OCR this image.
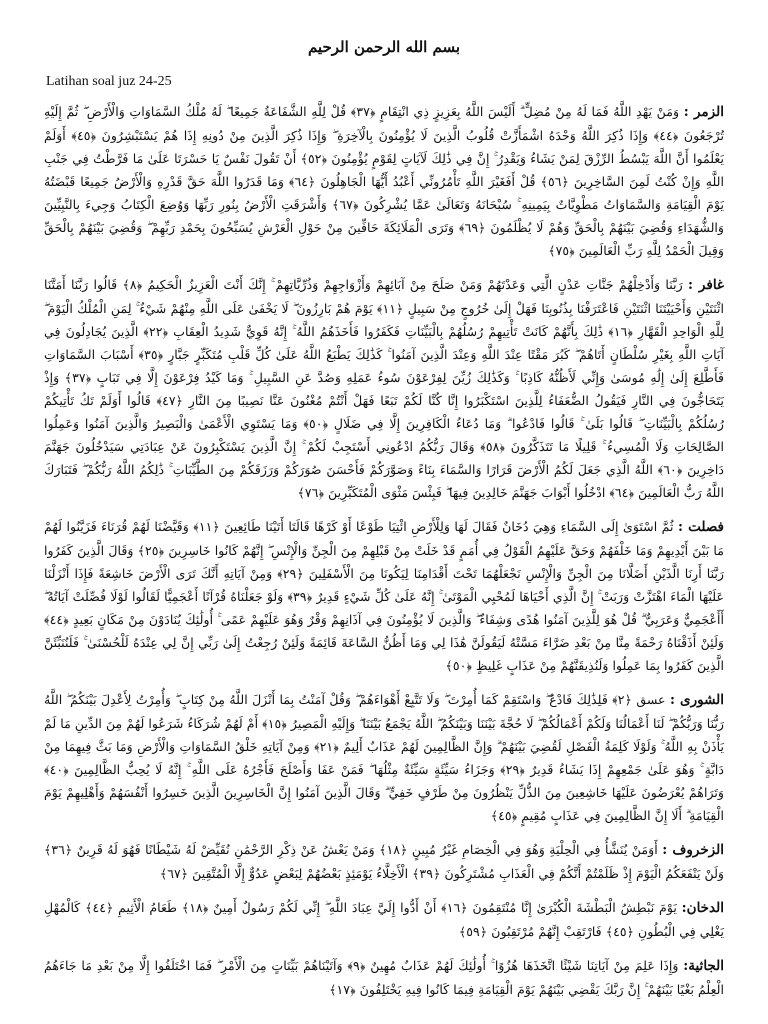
بسم الله الرحمن الرحيم
Latihan soal juz 24-25
الزمر : وَمَنْ يَهْدِ اللَّهُ فَمَا لَهُ مِنْ مُضِلٍّ ۗ أَلَيْسَ اللَّهُ بِعَزِيزٍ ذِي انْتِقَامٍ ﴿٣٧﴾ قُلْ لِلَّهِ الشَّفَاعَةُ جَمِيعًا ۖ لَهُ مُلْكُ السَّمَاوَاتِ وَالْأَرْضِ ۖ ثُمَّ إِلَيْهِ تُرْجَعُونَ ﴿٤٤﴾ وَإِذَا ذُكِرَ اللَّهُ وَحْدَهُ اشْمَأَزَّتْ قُلُوبُ الَّذِينَ لَا يُؤْمِنُونَ بِالْآخِرَةِ ۖ وَإِذَا ذُكِرَ الَّذِينَ مِنْ دُونِهِ إِذَا هُمْ يَسْتَبْشِرُونَ ﴿٤٥﴾ أَوَلَمْ يَعْلَمُوا أَنَّ اللَّهَ يَبْسُطُ الرِّزْقَ لِمَنْ يَشَاءُ وَيَقْدِرُ ۚ إِنَّ فِي ذَٰلِكَ لَآيَاتٍ لِقَوْمٍ يُؤْمِنُونَ ﴿٥٢﴾ أَنْ تَقُولَ نَفْسٌ يَا حَسْرَتَا عَلَىٰ مَا فَرَّطْتُ فِي جَنْبِ اللَّهِ وَإِنْ كُنْتُ لَمِنَ السَّاخِرِينَ ﴿٥٦﴾ قُلْ أَفَغَيْرَ اللَّهِ تَأْمُرُونِّي أَعْبُدُ أَيُّهَا الْجَاهِلُونَ ﴿٦٤﴾ وَمَا قَدَرُوا اللَّهَ حَقَّ قَدْرِهِ وَالْأَرْضُ جَمِيعًا قَبْضَتُهُ يَوْمَ الْقِيَامَةِ وَالسَّمَاوَاتُ مَطْوِيَّاتٌ بِيَمِينِهِ ۚ سُبْحَانَهُ وَتَعَالَىٰ عَمَّا يُشْرِكُونَ ﴿٦٧﴾ وَأَشْرَقَتِ الْأَرْضُ بِنُورِ رَبِّهَا وَوُضِعَ الْكِتَابُ وَجِيءَ بِالنَّبِيِّينَ وَالشُّهَدَاءِ وَقُضِيَ بَيْنَهُمْ بِالْحَقِّ وَهُمْ لَا يُظْلَمُونَ ﴿٦٩﴾ وَتَرَى الْمَلَائِكَةَ حَافِّينَ مِنْ حَوْلِ الْعَرْشِ يُسَبِّحُونَ بِحَمْدِ رَبِّهِمْ ۖ وَقُضِيَ بَيْنَهُمْ بِالْحَقِّ وَقِيلَ الْحَمْدُ لِلَّهِ رَبِّ الْعَالَمِينَ ﴿٧٥﴾
غافر : رَبَّنَا وَأَدْخِلْهُمْ جَنَّاتِ عَدْنٍ الَّتِي وَعَدْتَهُمْ وَمَنْ صَلَحَ مِنْ آبَائِهِمْ وَأَزْوَاجِهِمْ وَذُرِّيَّاتِهِمْ ۚ إِنَّكَ أَنْتَ الْعَزِيزُ الْحَكِيمُ ﴿٨﴾ قَالُوا رَبَّنَا أَمَتَّنَا اثْنَتَيْنِ وَأَحْيَيْتَنَا اثْنَتَيْنِ فَاعْتَرَفْنَا بِذُنُوبِنَا فَهَلْ إِلَىٰ خُرُوجٍ مِنْ سَبِيلٍ ﴿١١﴾ يَوْمَ هُمْ بَارِزُونَ ۖ لَا يَخْفَىٰ عَلَى اللَّهِ مِنْهُمْ شَيْءٌ ۚ لِمَنِ الْمُلْكُ الْيَوْمَ ۖ لِلَّهِ الْوَاحِدِ الْقَهَّارِ ﴿١٦﴾ ذَٰلِكَ بِأَنَّهُمْ كَانَتْ تَأْتِيهِمْ رُسُلُهُمْ بِالْبَيِّنَاتِ فَكَفَرُوا فَأَخَذَهُمُ اللَّهُ ۚ إِنَّهُ قَوِيٌّ شَدِيدُ الْعِقَابِ ﴿٢٢﴾ الَّذِينَ يُجَادِلُونَ فِي آيَاتِ اللَّهِ بِغَيْرِ سُلْطَانٍ أَتَاهُمْ ۖ كَبُرَ مَقْتًا عِنْدَ اللَّهِ وَعِنْدَ الَّذِينَ آمَنُوا ۚ كَذَٰلِكَ يَطْبَعُ اللَّهُ عَلَىٰ كُلِّ قَلْبِ مُتَكَبِّرٍ جَبَّارٍ ﴿٣٥﴾ أَسْبَابَ السَّمَاوَاتِ فَأَطَّلِعَ إِلَىٰ إِلَٰهِ مُوسَىٰ وَإِنِّي لَأَظُنُّهُ كَاذِبًا ۚ وَكَذَٰلِكَ زُيِّنَ لِفِرْعَوْنَ سُوءُ عَمَلِهِ وَصُدَّ عَنِ السَّبِيلِ ۚ وَمَا كَيْدُ فِرْعَوْنَ إِلَّا فِي تَبَابٍ ﴿٣٧﴾ وَإِذْ يَتَحَاجُّونَ فِي النَّارِ فَيَقُولُ الضُّعَفَاءُ لِلَّذِينَ اسْتَكْبَرُوا إِنَّا كُنَّا لَكُمْ تَبَعًا فَهَلْ أَنْتُمْ مُغْنُونَ عَنَّا نَصِيبًا مِنَ النَّارِ ﴿٤٧﴾ قَالُوا أَوَلَمْ تَكُ تَأْتِيكُمْ رُسُلُكُمْ بِالْبَيِّنَاتِ ۖ قَالُوا بَلَىٰ ۚ قَالُوا فَادْعُوا ۗ وَمَا دُعَاءُ الْكَافِرِينَ إِلَّا فِي ضَلَالٍ ﴿٥٠﴾ وَمَا يَسْتَوِي الْأَعْمَىٰ وَالْبَصِيرُ وَالَّذِينَ آمَنُوا وَعَمِلُوا الصَّالِحَاتِ وَلَا الْمُسِيءُ ۚ قَلِيلًا مَا تَتَذَكَّرُونَ ﴿٥٨﴾ وَقَالَ رَبُّكُمُ ادْعُونِي أَسْتَجِبْ لَكُمْ ۚ إِنَّ الَّذِينَ يَسْتَكْبِرُونَ عَنْ عِبَادَتِي سَيَدْخُلُونَ جَهَنَّمَ دَاخِرِينَ ﴿٦٠﴾ اللَّهُ الَّذِي جَعَلَ لَكُمُ الْأَرْضَ قَرَارًا وَالسَّمَاءَ بِنَاءً وَصَوَّرَكُمْ فَأَحْسَنَ صُوَرَكُمْ وَرَزَقَكُمْ مِنَ الطَّيِّبَاتِ ۚ ذَٰلِكُمُ اللَّهُ رَبُّكُمْ ۖ فَتَبَارَكَ اللَّهُ رَبُّ الْعَالَمِينَ ﴿٦٤﴾ ادْخُلُوا أَبْوَابَ جَهَنَّمَ خَالِدِينَ فِيهَا ۖ فَبِئْسَ مَثْوَى الْمُتَكَبِّرِينَ ﴿٧٦﴾
فصلت : ثُمَّ اسْتَوَىٰ إِلَى السَّمَاءِ وَهِيَ دُخَانٌ فَقَالَ لَهَا وَلِلْأَرْضِ ائْتِيَا طَوْعًا أَوْ كَرْهًا قَالَتَا أَتَيْنَا طَائِعِينَ ﴿١١﴾ وَقَيَّضْنَا لَهُمْ قُرَنَاءَ فَزَيَّنُوا لَهُمْ مَا بَيْنَ أَيْدِيهِمْ وَمَا خَلْفَهُمْ وَحَقَّ عَلَيْهِمُ الْقَوْلُ فِي أُمَمٍ قَدْ خَلَتْ مِنْ قَبْلِهِمْ مِنَ الْجِنِّ وَالْإِنْسِ ۖ إِنَّهُمْ كَانُوا خَاسِرِينَ ﴿٢٥﴾ وَقَالَ الَّذِينَ كَفَرُوا رَبَّنَا أَرِنَا الَّذَيْنِ أَضَلَّانَا مِنَ الْجِنِّ وَالْإِنْسِ نَجْعَلْهُمَا تَحْتَ أَقْدَامِنَا لِيَكُونَا مِنَ الْأَسْفَلِينَ ﴿٢٩﴾ وَمِنْ آيَاتِهِ أَنَّكَ تَرَى الْأَرْضَ خَاشِعَةً فَإِذَا أَنْزَلْنَا عَلَيْهَا الْمَاءَ اهْتَزَّتْ وَرَبَتْ ۚ إِنَّ الَّذِي أَحْيَاهَا لَمُحْيِي الْمَوْتَىٰ ۚ إِنَّهُ عَلَىٰ كُلِّ شَيْءٍ قَدِيرٌ ﴿٣٩﴾ وَلَوْ جَعَلْنَاهُ قُرْآنًا أَعْجَمِيًّا لَقَالُوا لَوْلَا فُصِّلَتْ آيَاتُهُ ۖ أَأَعْجَمِيٌّ وَعَرَبِيٌّ ۗ قُلْ هُوَ لِلَّذِينَ آمَنُوا هُدًى وَشِفَاءٌ ۖ وَالَّذِينَ لَا يُؤْمِنُونَ فِي آذَانِهِمْ وَقْرٌ وَهُوَ عَلَيْهِمْ عَمًى ۚ أُولَٰئِكَ يُنَادَوْنَ مِنْ مَكَانٍ بَعِيدٍ ﴿٤٤﴾ وَلَئِنْ أَذَقْنَاهُ رَحْمَةً مِنَّا مِنْ بَعْدِ ضَرَّاءَ مَسَّتْهُ لَيَقُولَنَّ هَٰذَا لِي وَمَا أَظُنُّ السَّاعَةَ قَائِمَةً وَلَئِنْ رُجِعْتُ إِلَىٰ رَبِّي إِنَّ لِي عِنْدَهُ لَلْحُسْنَىٰ ۚ فَلَنُنَبِّئَنَّ الَّذِينَ كَفَرُوا بِمَا عَمِلُوا وَلَنُذِيقَنَّهُمْ مِنْ عَذَابٍ غَلِيظٍ ﴿٥٠﴾
الشورى : عسق ﴿٢﴾ فَلِذَٰلِكَ فَادْعُ ۖ وَاسْتَقِمْ كَمَا أُمِرْتَ ۖ وَلَا تَتَّبِعْ أَهْوَاءَهُمْ ۖ وَقُلْ آمَنْتُ بِمَا أَنْزَلَ اللَّهُ مِنْ كِتَابٍ ۖ وَأُمِرْتُ لِأَعْدِلَ بَيْنَكُمُ ۖ اللَّهُ رَبُّنَا وَرَبُّكُمْ ۖ لَنَا أَعْمَالُنَا وَلَكُمْ أَعْمَالُكُمْ ۖ لَا حُجَّةَ بَيْنَنَا وَبَيْنَكُمُ ۖ اللَّهُ يَجْمَعُ بَيْنَنَا ۖ وَإِلَيْهِ الْمَصِيرُ ﴿١٥﴾ أَمْ لَهُمْ شُرَكَاءُ شَرَعُوا لَهُمْ مِنَ الدِّينِ مَا لَمْ يَأْذَنْ بِهِ اللَّهُ ۚ وَلَوْلَا كَلِمَةُ الْفَصْلِ لَقُضِيَ بَيْنَهُمْ ۗ وَإِنَّ الظَّالِمِينَ لَهُمْ عَذَابٌ أَلِيمٌ ﴿٢١﴾ وَمِنْ آيَاتِهِ خَلْقُ السَّمَاوَاتِ وَالْأَرْضِ وَمَا بَثَّ فِيهِمَا مِنْ دَابَّةٍ ۚ وَهُوَ عَلَىٰ جَمْعِهِمْ إِذَا يَشَاءُ قَدِيرٌ ﴿٢٩﴾ وَجَزَاءُ سَيِّئَةٍ سَيِّئَةٌ مِثْلُهَا ۖ فَمَنْ عَفَا وَأَصْلَحَ فَأَجْرُهُ عَلَى اللَّهِ ۚ إِنَّهُ لَا يُحِبُّ الظَّالِمِينَ ﴿٤٠﴾ وَتَرَاهُمْ يُعْرَضُونَ عَلَيْهَا خَاشِعِينَ مِنَ الذُّلِّ يَنْظُرُونَ مِنْ طَرْفٍ خَفِيٍّ ۗ وَقَالَ الَّذِينَ آمَنُوا إِنَّ الْخَاسِرِينَ الَّذِينَ خَسِرُوا أَنْفُسَهُمْ وَأَهْلِيهِمْ يَوْمَ الْقِيَامَةِ ۗ أَلَا إِنَّ الظَّالِمِينَ فِي عَذَابٍ مُقِيمٍ ﴿٤٥﴾
الزخروف : أَوَمَنْ يُنَشَّأُ فِي الْحِلْيَةِ وَهُوَ فِي الْخِصَامِ غَيْرُ مُبِينٍ ﴿١٨﴾ وَمَنْ يَعْشُ عَنْ ذِكْرِ الرَّحْمَٰنِ نُقَيِّضْ لَهُ شَيْطَانًا فَهُوَ لَهُ قَرِينٌ ﴿٣٦﴾ وَلَنْ يَنْفَعَكُمُ الْيَوْمَ إِذْ ظَلَمْتُمْ أَنَّكُمْ فِي الْعَذَابِ مُشْتَرِكُونَ ﴿٣٩﴾ الْأَخِلَّاءُ يَوْمَئِذٍ بَعْضُهُمْ لِبَعْضٍ عَدُوٌّ إِلَّا الْمُتَّقِينَ ﴿٦٧﴾
الدخان: يَوْمَ نَبْطِشُ الْبَطْشَةَ الْكُبْرَىٰ إِنَّا مُنْتَقِمُونَ ﴿١٦﴾ أَنْ أَدُّوا إِلَيَّ عِبَادَ اللَّهِ ۖ إِنِّي لَكُمْ رَسُولٌ أَمِينٌ ﴿١٨﴾ طَعَامُ الْأَثِيمِ ﴿٤٤﴾ كَالْمُهْلِ يَغْلِي فِي الْبُطُونِ ﴿٤٥﴾ فَارْتَقِبْ إِنَّهُمْ مُرْتَقِبُونَ ﴿٥٩﴾
الجاثية: وَإِذَا عَلِمَ مِنْ آيَاتِنَا شَيْئًا اتَّخَذَهَا هُزُوًا ۚ أُولَٰئِكَ لَهُمْ عَذَابٌ مُهِينٌ ﴿٩﴾ وَآتَيْنَاهُمْ بَيِّنَاتٍ مِنَ الْأَمْرِ ۖ فَمَا اخْتَلَفُوا إِلَّا مِنْ بَعْدِ مَا جَاءَهُمُ الْعِلْمُ بَغْيًا بَيْنَهُمْ ۚ إِنَّ رَبَّكَ يَقْضِي بَيْنَهُمْ يَوْمَ الْقِيَامَةِ فِيمَا كَانُوا فِيهِ يَخْتَلِفُونَ ﴿١٧﴾
